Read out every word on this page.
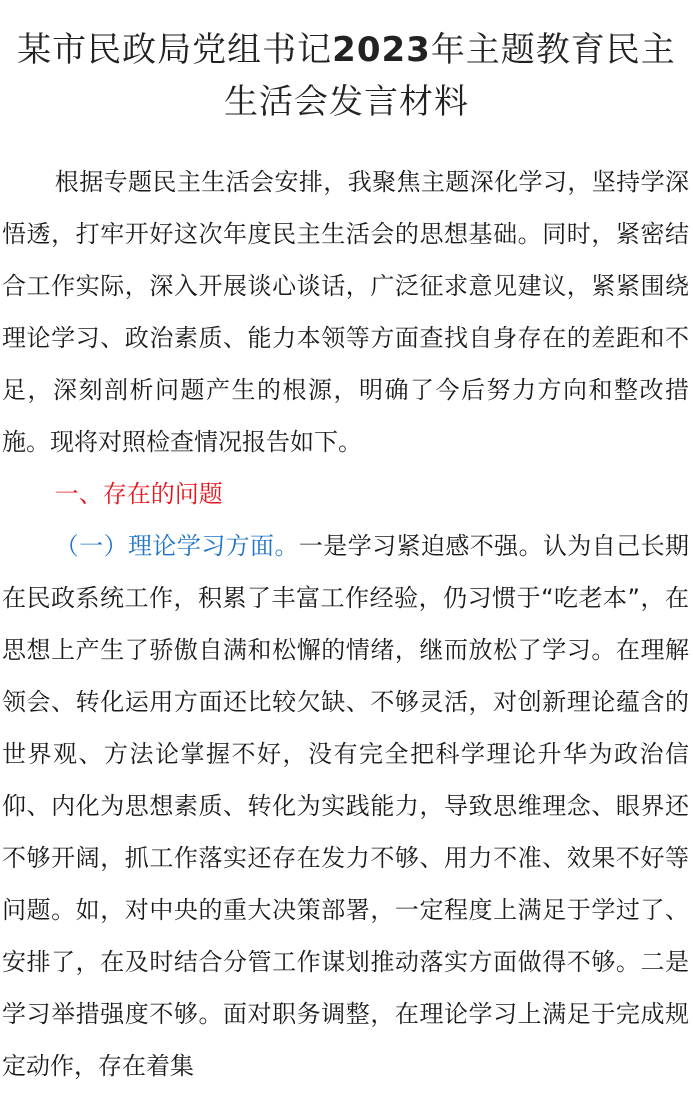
某市民政局党组书记2023年主题教育民主
生活会发言材料

根据专题民主生活会安排，我聚焦主题深化学习，坚持学深悟透，打牢开好这次年度民主生活会的思想基础。同时，紧密结合工作实际，深入开展谈心谈话，广泛征求意见建议，紧紧围绕理论学习、政治素质、能力本领等方面查找自身存在的差距和不足，深刻剖析问题产生的根源，明确了今后努力方向和整改措施。现将对照检查情况报告如下。

一、存在的问题

（一）理论学习方面。一是学习紧迫感不强。认为自己长期在民政系统工作，积累了丰富工作经验，仍习惯于“吃老本”，在思想上产生了骄傲自满和松懈的情绪，继而放松了学习。在理解领会、转化运用方面还比较欠缺、不够灵活，对创新理论蕴含的世界观、方法论掌握不好，没有完全把科学理论升华为政治信仰、内化为思想素质、转化为实践能力，导致思维理念、眼界还不够开阔，抓工作落实还存在发力不够、用力不准、效果不好等问题。如，对中央的重大决策部署，一定程度上满足于学过了、安排了，在及时结合分管工作谋划推动落实方面做得不够。二是学习举措强度不够。面对职务调整，在理论学习上满足于完成规定动作，存在着集
